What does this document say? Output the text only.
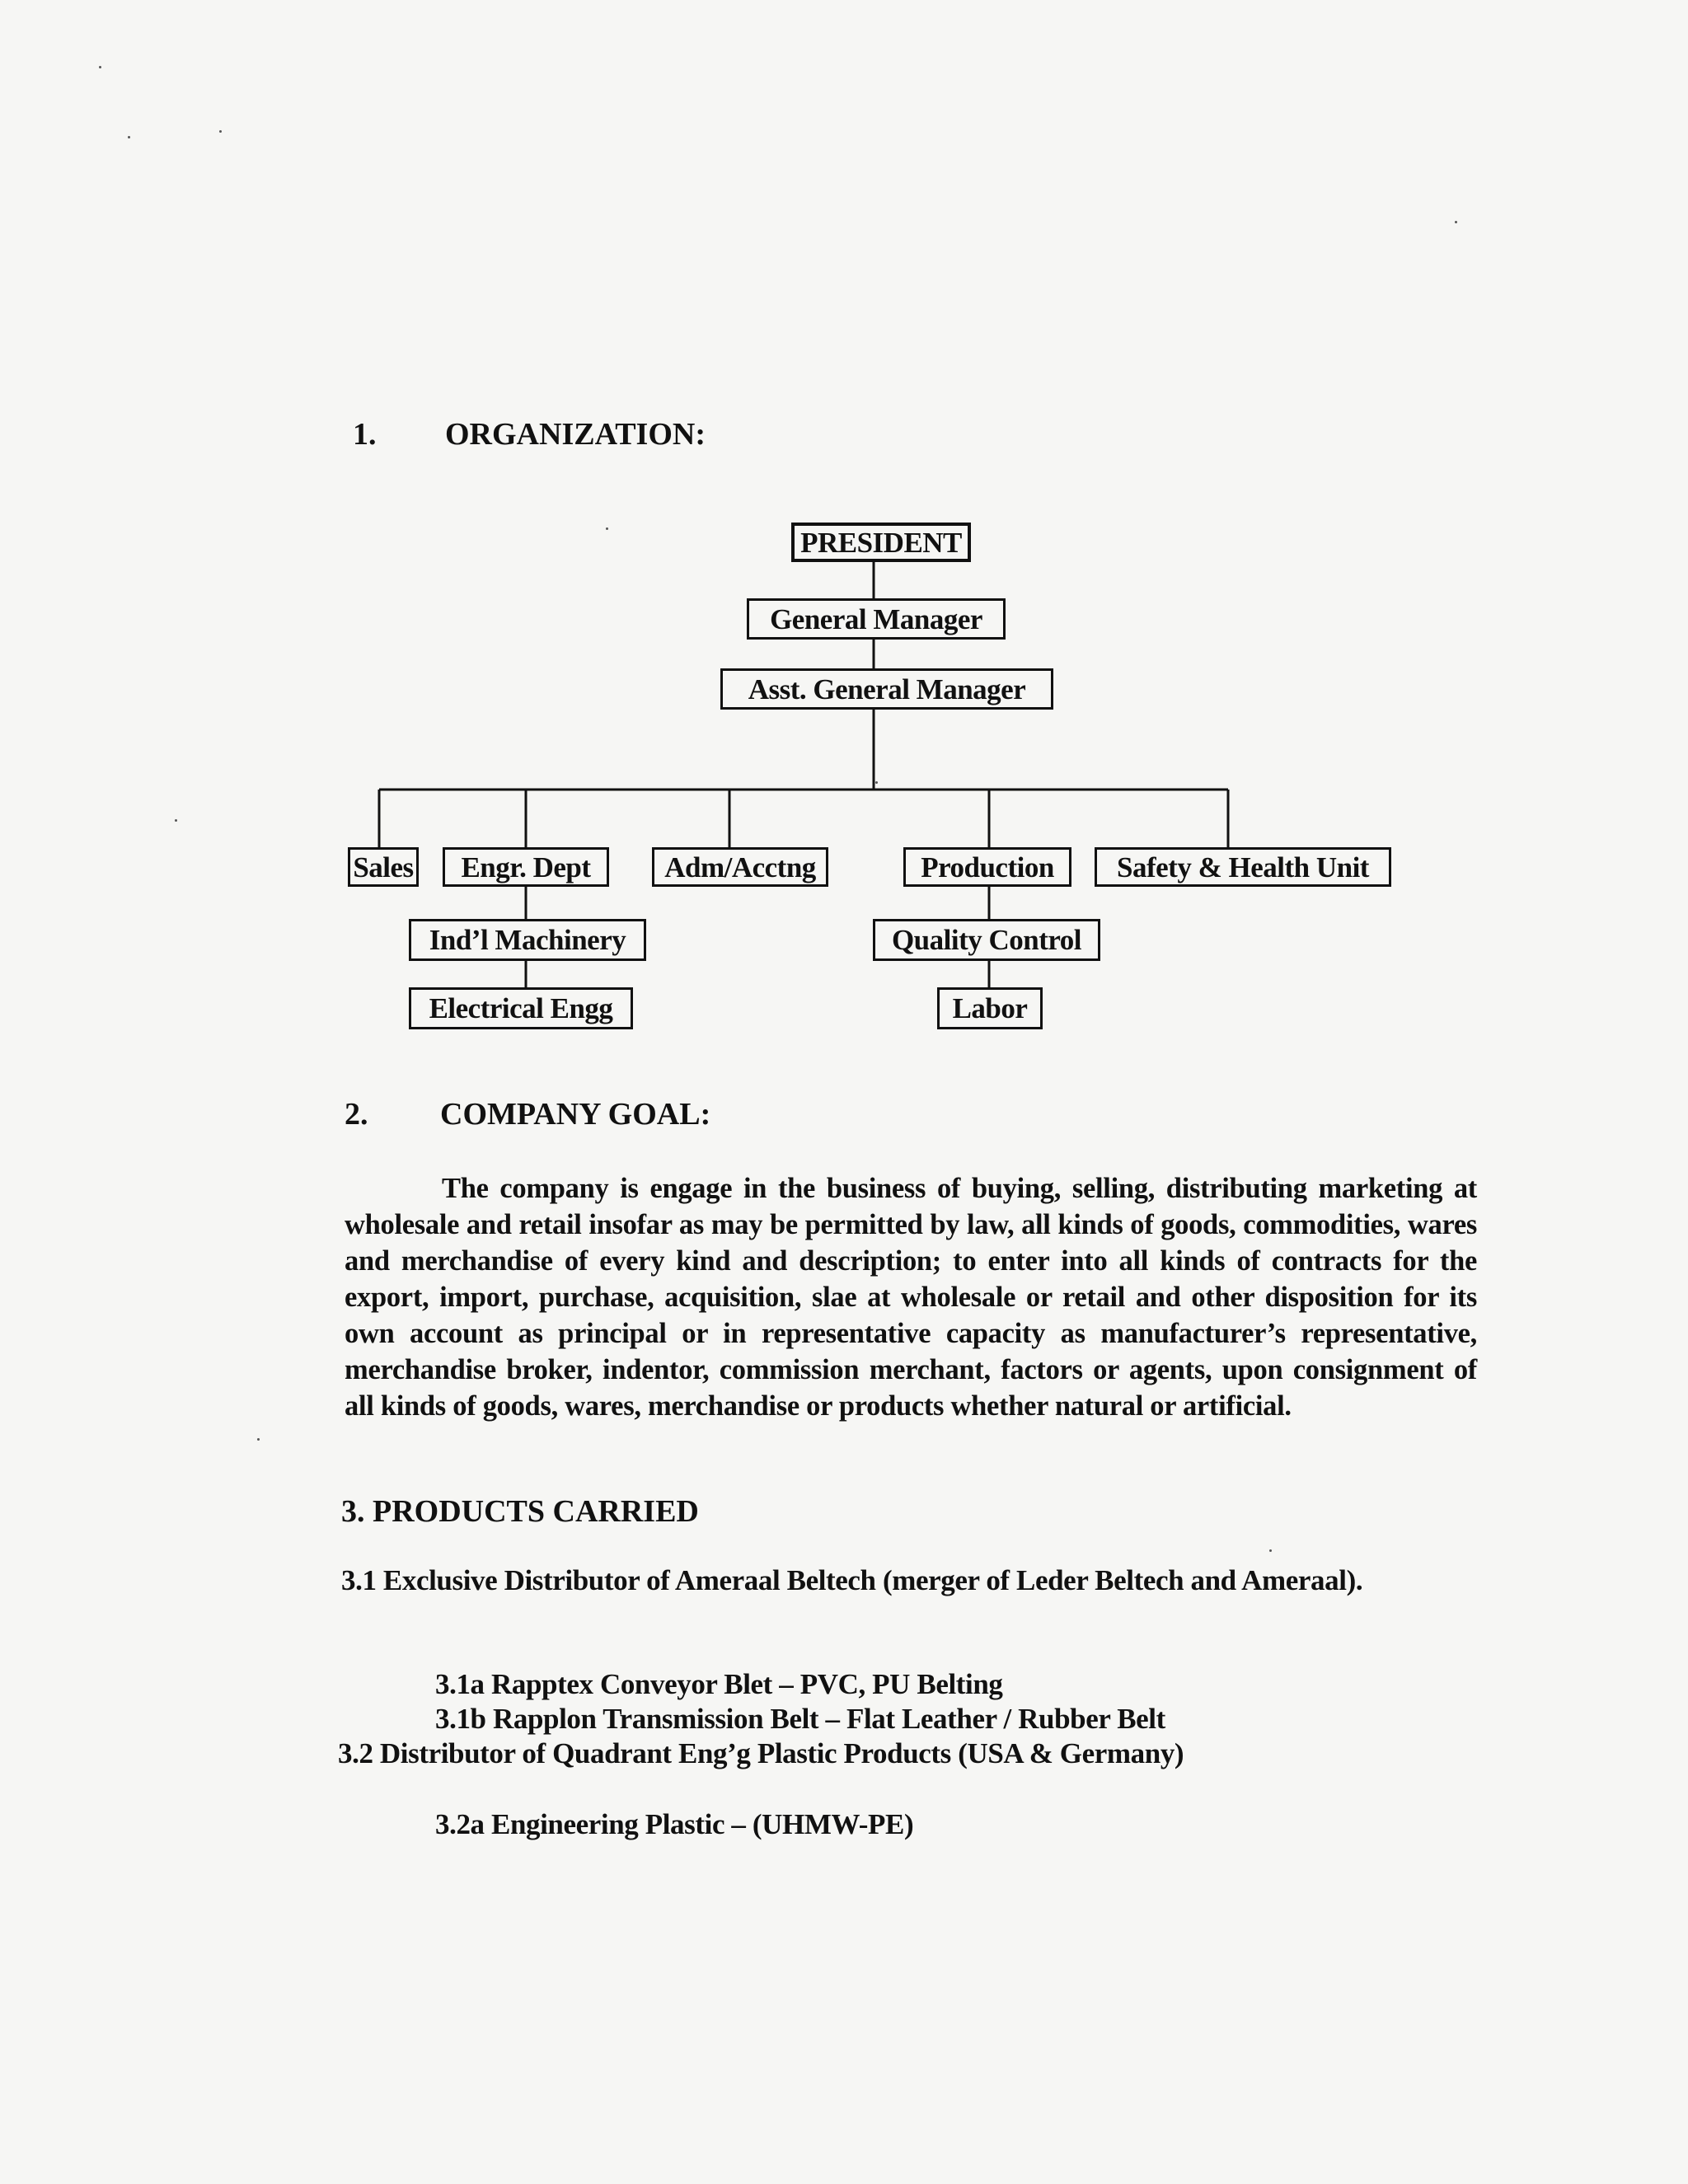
1. ORGANIZATION:
PRESIDENT
General Manager
Asst. General Manager
Sales	Engr. Dept	Adm/Acctng	Production	Safety & Health Unit
Ind’l Machinery	Quality Control
Electrical Engg	Labor
2. COMPANY GOAL:
The company is engage in the business of buying, selling, distributing marketing at wholesale and retail insofar as may be permitted by law, all kinds of goods, commodities, wares and merchandise of every kind and description; to enter into all kinds of contracts for the export, import, purchase, acquisition, slae at wholesale or retail and other disposition for its own account as principal or in representative capacity as manufacturer’s representative, merchandise broker, indentor, commission merchant, factors or agents, upon consignment of all kinds of goods, wares, merchandise or products whether natural or artificial.
3. PRODUCTS CARRIED
3.1 Exclusive Distributor of Ameraal Beltech (merger of Leder Beltech and Ameraal).
3.1a Rapptex Conveyor Blet – PVC, PU Belting
3.1b Rapplon Transmission Belt – Flat Leather / Rubber Belt
3.2 Distributor of Quadrant Eng’g Plastic Products (USA & Germany)
3.2a Engineering Plastic – (UHMW-PE)
